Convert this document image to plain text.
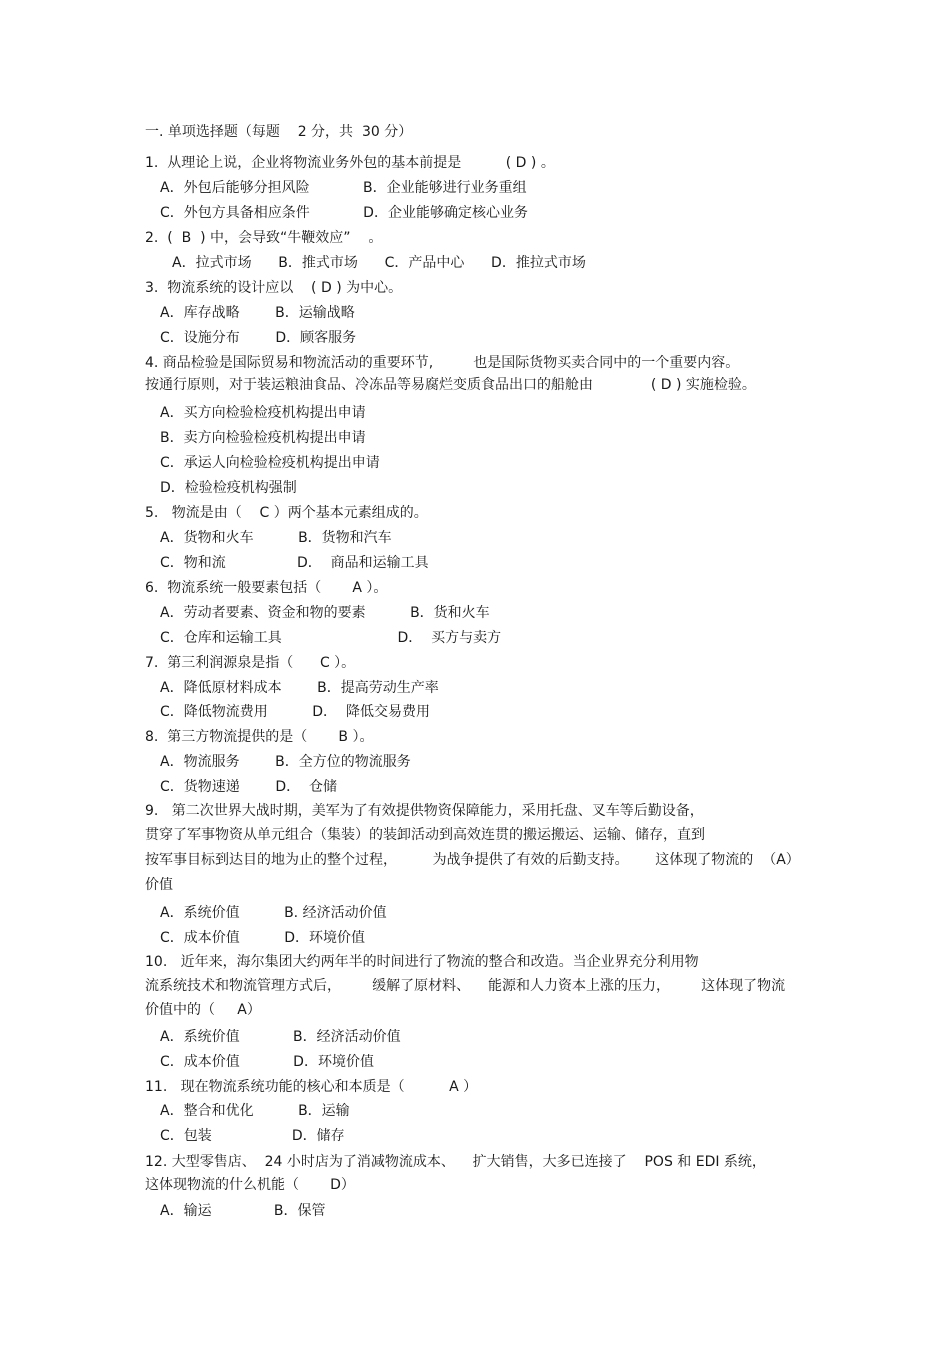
一. 单项选择题（每题    2 分，共  30 分）
1.  从理论上说，企业将物流业务外包的基本前提是          ( D ) 。
A．外包后能够分担风险            B．企业能够进行业务重组
C．外包方具备相应条件            D．企业能够确定核心业务
2.  (  B  ) 中，会导致“牛鞭效应”    。
A．拉式市场      B．推式市场      C．产品中心      D．推拉式市场
3.  物流系统的设计应以    ( D ) 为中心。
A．库存战略        B．运输战略
C．设施分布        D．顾客服务
4. 商品检验是国际贸易和物流活动的重要环节,         也是国际货物买卖合同中的一个重要内容。
按通行原则，对于装运粮油食品、冷冻品等易腐烂变质食品出口的船舱由             ( D ) 实施检验。
A．买方向检验检疫机构提出申请
B．卖方向检验检疫机构提出申请
C．承运人向检验检疫机构提出申请
D．检验检疫机构强制
5.   物流是由（    C ）两个基本元素组成的。
A．货物和火车          B．货物和汽车
C．物和流                D．  商品和运输工具
6.  物流系统一般要素包括（       A ）。
A．劳动者要素、资金和物的要素          B．货和火车
C．仓库和运输工具                          D．  买方与卖方
7.  第三利润源泉是指（      C ）。
A．降低原材料成本        B．提高劳动生产率
C．降低物流费用          D．  降低交易费用
8.  第三方物流提供的是（       B ）。
A．物流服务        B．全方位的物流服务
C．货物速递        D．  仓储
9.   第二次世界大战时期，美军为了有效提供物资保障能力，采用托盘、叉车等后勤设备，
贯穿了军事物资从单元组合（集装）的装卸活动到高效连贯的搬运搬运、运输、储存，直到
按军事目标到达目的地为止的整个过程，        为战争提供了有效的后勤支持。      这体现了物流的  （A）
价值
A．系统价值          B. 经济活动价值
C．成本价值          D．环境价值
10.   近年来，海尔集团大约两年半的时间进行了物流的整合和改造。当企业界充分利用物
流系统技术和物流管理方式后，       缓解了原材料、    能源和人力资本上涨的压力，       这体现了物流
价值中的（     A）
A．系统价值            B．经济活动价值
C．成本价值            D．环境价值
11.   现在物流系统功能的核心和本质是（          A ）
A．整合和优化          B．运输
C．包装                  D．储存
12. 大型零售店、  24 小时店为了消减物流成本、    扩大销售，大多已连接了    POS 和 EDI 系统，
这体现物流的什么机能（       D）
A．输运              B．保管
